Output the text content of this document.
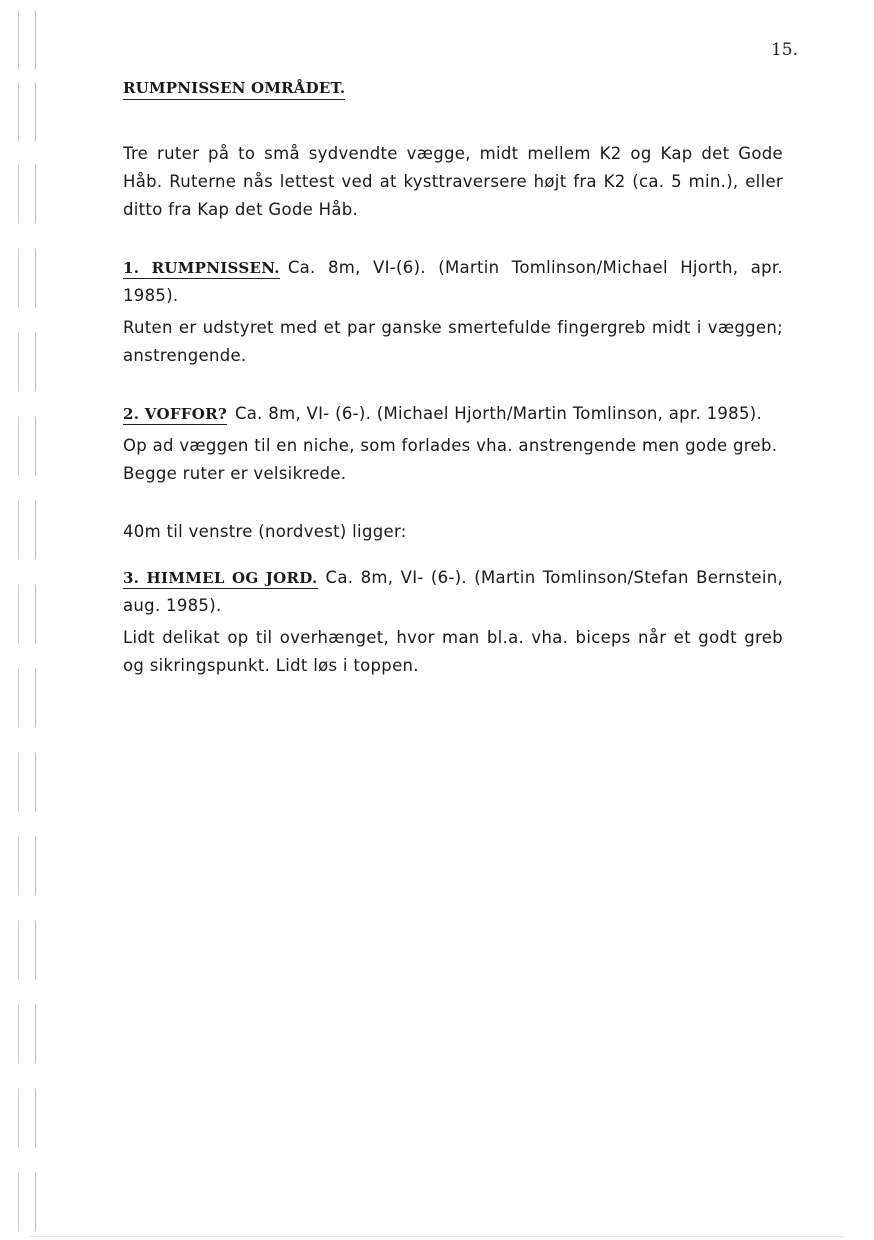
15.
RUMPNISSEN OMRÅDET.

Tre ruter på to små sydvendte vægge, midt mellem K2 og Kap det Gode Håb. Ruterne nås lettest ved at kysttraversere højt fra K2 (ca. 5 min.), eller ditto fra Kap det Gode Håb.

1. RUMPNISSEN. Ca. 8m, VI-(6). (Martin Tomlinson/Michael Hjorth, apr. 1985).

Ruten er udstyret med et par ganske smertefulde fingergreb midt i væggen; anstrengende.

2. VOFFOR? Ca. 8m, VI- (6-). (Michael Hjorth/Martin Tomlinson, apr. 1985).

Op ad væggen til en niche, som forlades vha. anstrengende men gode greb.

Begge ruter er velsikrede.

40m til venstre (nordvest) ligger:

3. HIMMEL OG JORD. Ca. 8m, VI- (6-). (Martin Tomlinson/Stefan Bernstein, aug. 1985).

Lidt delikat op til overhænget, hvor man bl.a. vha. biceps når et godt greb og sikringspunkt. Lidt løs i toppen.
